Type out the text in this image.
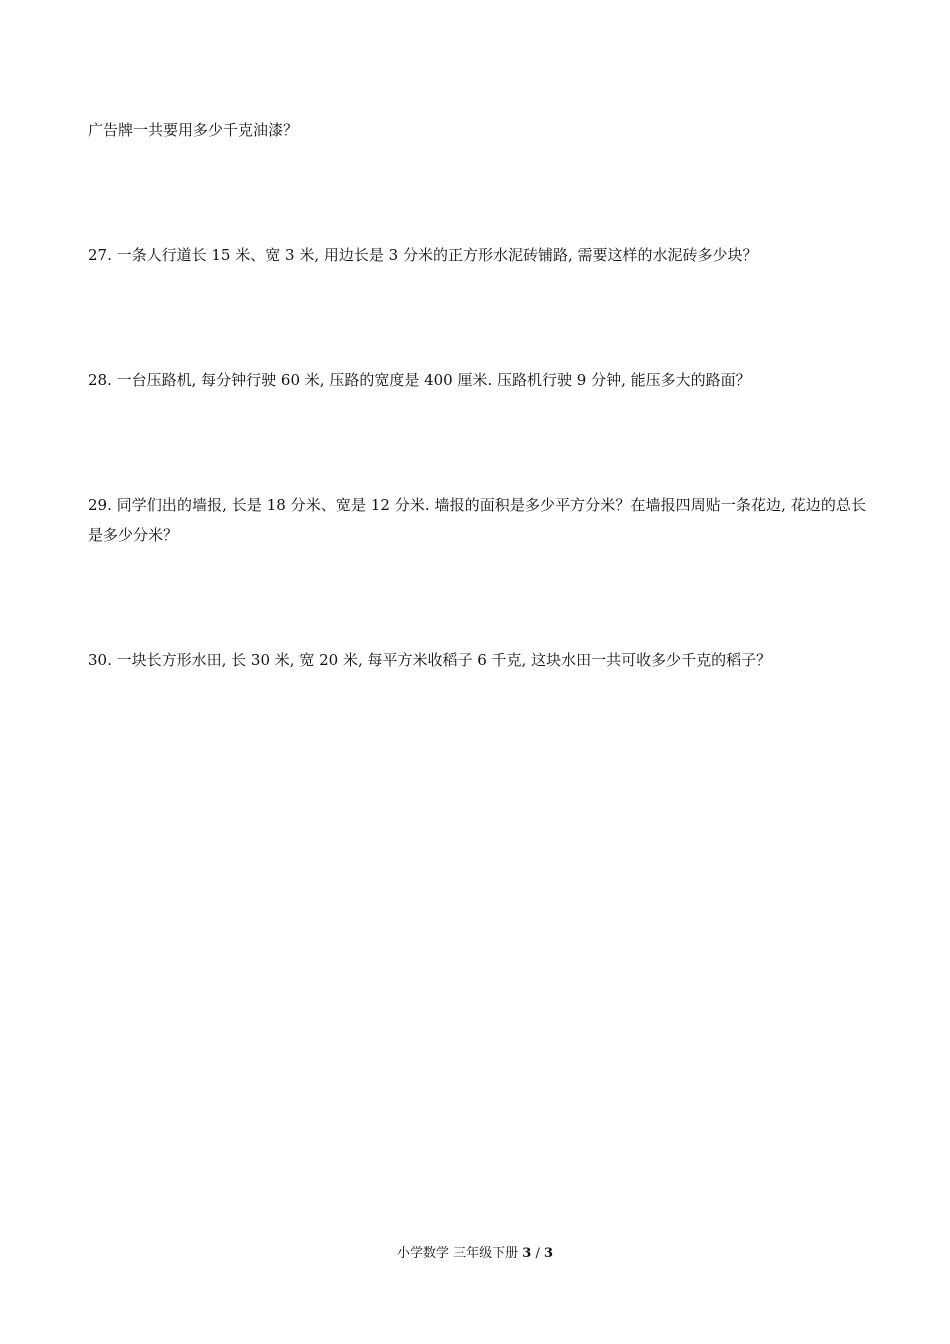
广告牌一共要用多少千克油漆？
27. 一条人行道长 15 米、宽 3 米, 用边长是 3 分米的正方形水泥砖铺路, 需要这样的水泥砖多少块？
28. 一台压路机, 每分钟行驶 60 米, 压路的宽度是 400 厘米. 压路机行驶 9 分钟, 能压多大的路面？
29. 同学们出的墙报, 长是 18 分米、宽是 12 分米. 墙报的面积是多少平方分米？在墙报四周贴一条花边, 花边的总长是多少分米？
30. 一块长方形水田, 长 30 米, 宽 20 米, 每平方米收稻子 6 千克, 这块水田一共可收多少千克的稻子？
小学数学 三年级下册 3 / 3
